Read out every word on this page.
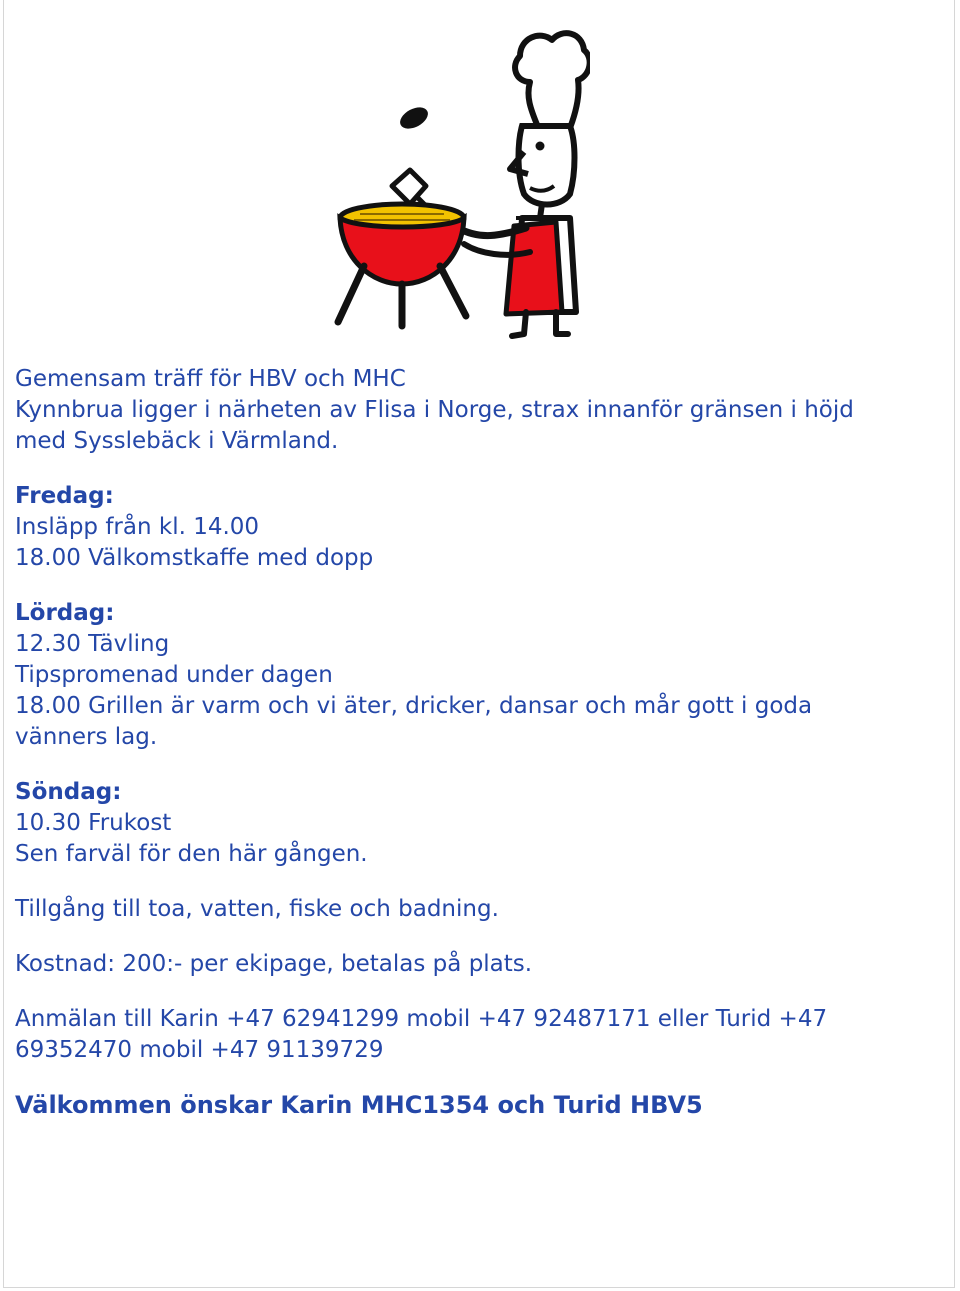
Gemensam träff för HBV och MHC
Kynnbrua ligger i närheten av Flisa i Norge, strax innanför gränsen i höjd
med Sysslebäck i Värmland.
Fredag:
Insläpp från kl. 14.00
18.00 Välkomstkaffe med dopp
Lördag:
12.30 Tävling
Tipspromenad under dagen
18.00 Grillen är varm och vi äter, dricker, dansar och mår gott i goda
vänners lag.
Söndag:
10.30 Frukost
Sen farväl för den här gången.
Tillgång till toa, vatten, fiske och badning.
Kostnad: 200:- per ekipage, betalas på plats.
Anmälan till Karin +47 62941299 mobil +47 92487171 eller Turid +47
69352470 mobil +47 91139729
Välkommen önskar Karin MHC1354 och Turid HBV5
